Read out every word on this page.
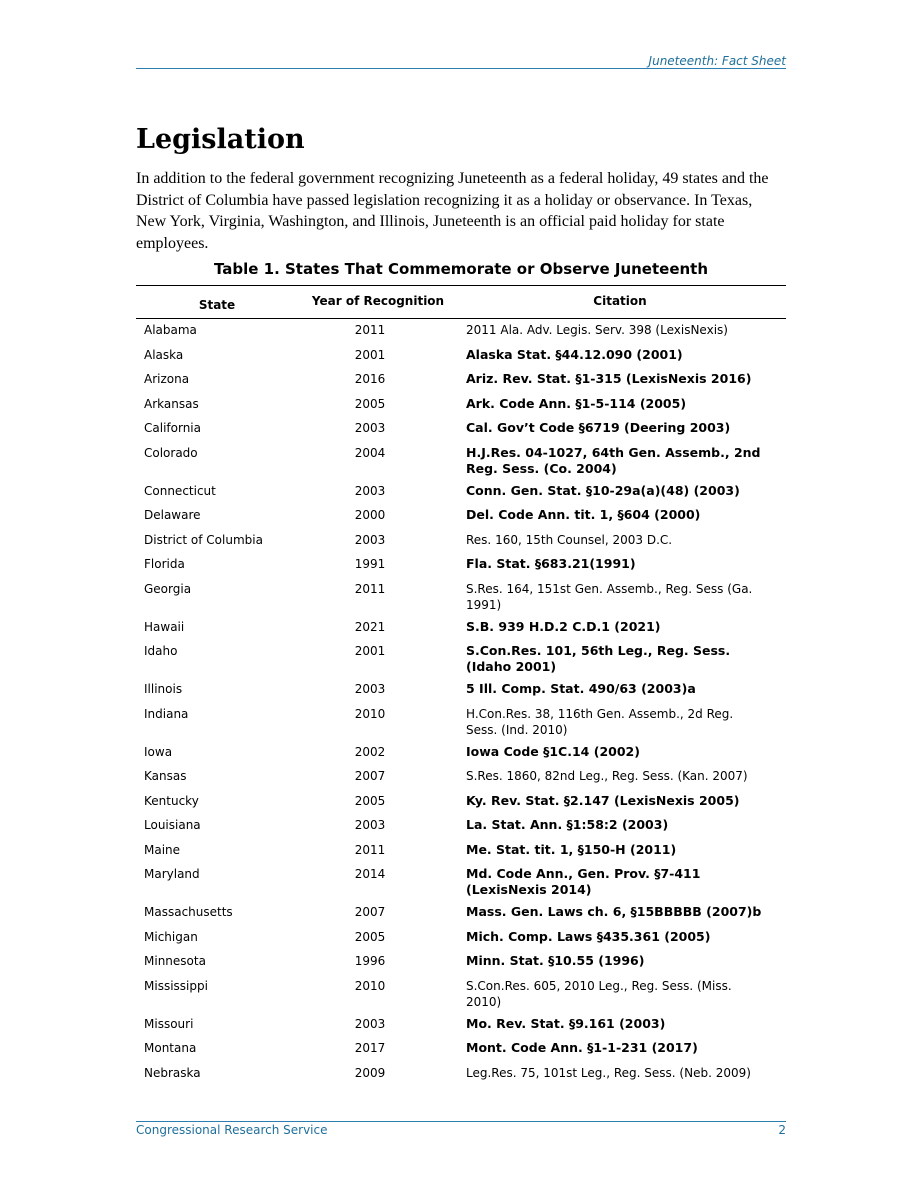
Juneteenth: Fact Sheet
Legislation

In addition to the federal government recognizing Juneteenth as a federal holiday, 49 states and the District of Columbia have passed legislation recognizing it as a holiday or observance. In Texas, New York, Virginia, Washington, and Illinois, Juneteenth is an official paid holiday for state employees.

Table 1. States That Commemorate or Observe Juneteenth
State	Year of Recognition	Citation
Alabama	2011	2011 Ala. Adv. Legis. Serv. 398 (LexisNexis)
Alaska	2001	Alaska Stat. §44.12.090 (2001)
Arizona	2016	Ariz. Rev. Stat. §1-315 (LexisNexis 2016)
Arkansas	2005	Ark. Code Ann. §1-5-114 (2005)
California	2003	Cal. Gov’t Code §6719 (Deering 2003)
Colorado	2004	H.J.Res. 04-1027, 64th Gen. Assemb., 2nd Reg. Sess. (Co. 2004)
Connecticut	2003	Conn. Gen. Stat. §10-29a(a)(48) (2003)
Delaware	2000	Del. Code Ann. tit. 1, §604 (2000)
District of Columbia	2003	Res. 160, 15th Counsel, 2003 D.C.
Florida	1991	Fla. Stat. §683.21(1991)
Georgia	2011	S.Res. 164, 151st Gen. Assemb., Reg. Sess (Ga. 1991)
Hawaii	2021	S.B. 939 H.D.2 C.D.1 (2021)
Idaho	2001	S.Con.Res. 101, 56th Leg., Reg. Sess. (Idaho 2001)
Illinois	2003	5 Ill. Comp. Stat. 490/63 (2003)a
Indiana	2010	H.Con.Res. 38, 116th Gen. Assemb., 2d Reg. Sess. (Ind. 2010)
Iowa	2002	Iowa Code §1C.14 (2002)
Kansas	2007	S.Res. 1860, 82nd Leg., Reg. Sess. (Kan. 2007)
Kentucky	2005	Ky. Rev. Stat. §2.147 (LexisNexis 2005)
Louisiana	2003	La. Stat. Ann. §1:58:2 (2003)
Maine	2011	Me. Stat. tit. 1, §150-H (2011)
Maryland	2014	Md. Code Ann., Gen. Prov. §7-411 (LexisNexis 2014)
Massachusetts	2007	Mass. Gen. Laws ch. 6, §15BBBBB (2007)b
Michigan	2005	Mich. Comp. Laws §435.361 (2005)
Minnesota	1996	Minn. Stat. §10.55 (1996)
Mississippi	2010	S.Con.Res. 605, 2010 Leg., Reg. Sess. (Miss. 2010)
Missouri	2003	Mo. Rev. Stat. §9.161 (2003)
Montana	2017	Mont. Code Ann. §1-1-231 (2017)
Nebraska	2009	Leg.Res. 75, 101st Leg., Reg. Sess. (Neb. 2009)
Congressional Research Service	2
